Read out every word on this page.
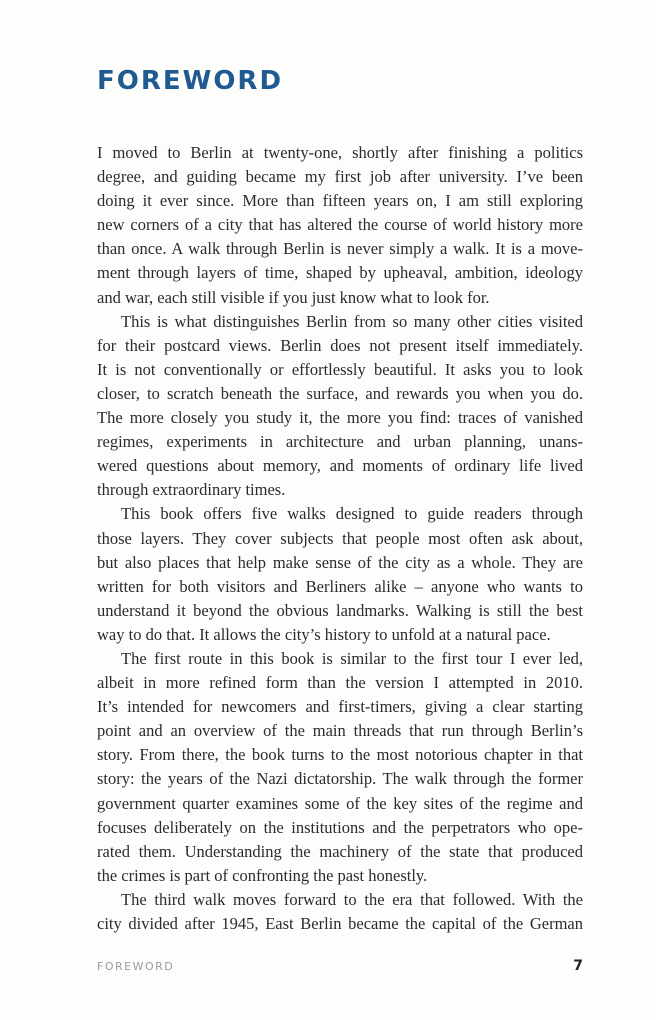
FOREWORD
I moved to Berlin at twenty-one, shortly after finishing a politics
degree, and guiding became my first job after university. I’ve been
doing it ever since. More than fifteen years on, I am still exploring
new corners of a city that has altered the course of world history more
than once. A walk through Berlin is never simply a walk. It is a move-
ment through layers of time, shaped by upheaval, ambition, ideology
and war, each still visible if you just know what to look for.
This is what distinguishes Berlin from so many other cities visited
for their postcard views. Berlin does not present itself immediately.
It is not conventionally or effortlessly beautiful. It asks you to look
closer, to scratch beneath the surface, and rewards you when you do.
The more closely you study it, the more you find: traces of vanished
regimes, experiments in architecture and urban planning, unans-
wered questions about memory, and moments of ordinary life lived
through extraordinary times.
This book offers five walks designed to guide readers through
those layers. They cover subjects that people most often ask about,
but also places that help make sense of the city as a whole. They are
written for both visitors and Berliners alike – anyone who wants to
understand it beyond the obvious landmarks. Walking is still the best
way to do that. It allows the city’s history to unfold at a natural pace.
The first route in this book is similar to the first tour I ever led,
albeit in more refined form than the version I attempted in 2010.
It’s intended for newcomers and first-timers, giving a clear starting
point and an overview of the main threads that run through Berlin’s
story. From there, the book turns to the most notorious chapter in that
story: the years of the Nazi dictatorship. The walk through the former
government quarter examines some of the key sites of the regime and
focuses deliberately on the institutions and the perpetrators who ope-
rated them. Understanding the machinery of the state that produced
the crimes is part of confronting the past honestly.
The third walk moves forward to the era that followed. With the
city divided after 1945, East Berlin became the capital of the German
FOREWORD	7
